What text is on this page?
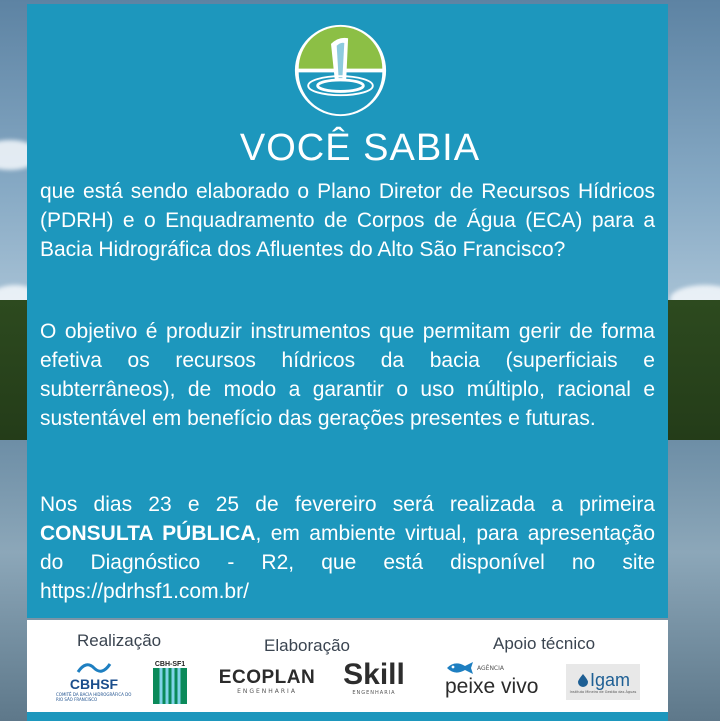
VOCÊ SABIA
que está sendo elaborado o Plano Diretor de Recursos Hídricos (PDRH) e o Enquadramento de Corpos de Água (ECA) para a Bacia Hidrográfica dos Afluentes do Alto São Francisco?
O objetivo é produzir instrumentos que permitam gerir de forma efetiva os recursos hídricos da bacia (superficiais e subterrâneos), de modo a garantir o uso múltiplo, racional e sustentável em benefício das gerações presentes e futuras.
Nos dias 23 e 25 de fevereiro será realizada a primeira CONSULTA PÚBLICA, em ambiente virtual, para apresentação do Diagnóstico - R2, que está disponível no site https://pdrhsf1.com.br/
Realização	Elaboração	Apoio técnico
CBHSF
COMITÊ DA BACIA HIDROGRÁFICA DO RIO SÃO FRANCISCO
CBH-SF1
ECOPLAN
ENGENHARIA Skill
ENGENHARIA
AGÊNCIA
peixe vivo	Igam
Instituto Mineiro de Gestão das Águas
